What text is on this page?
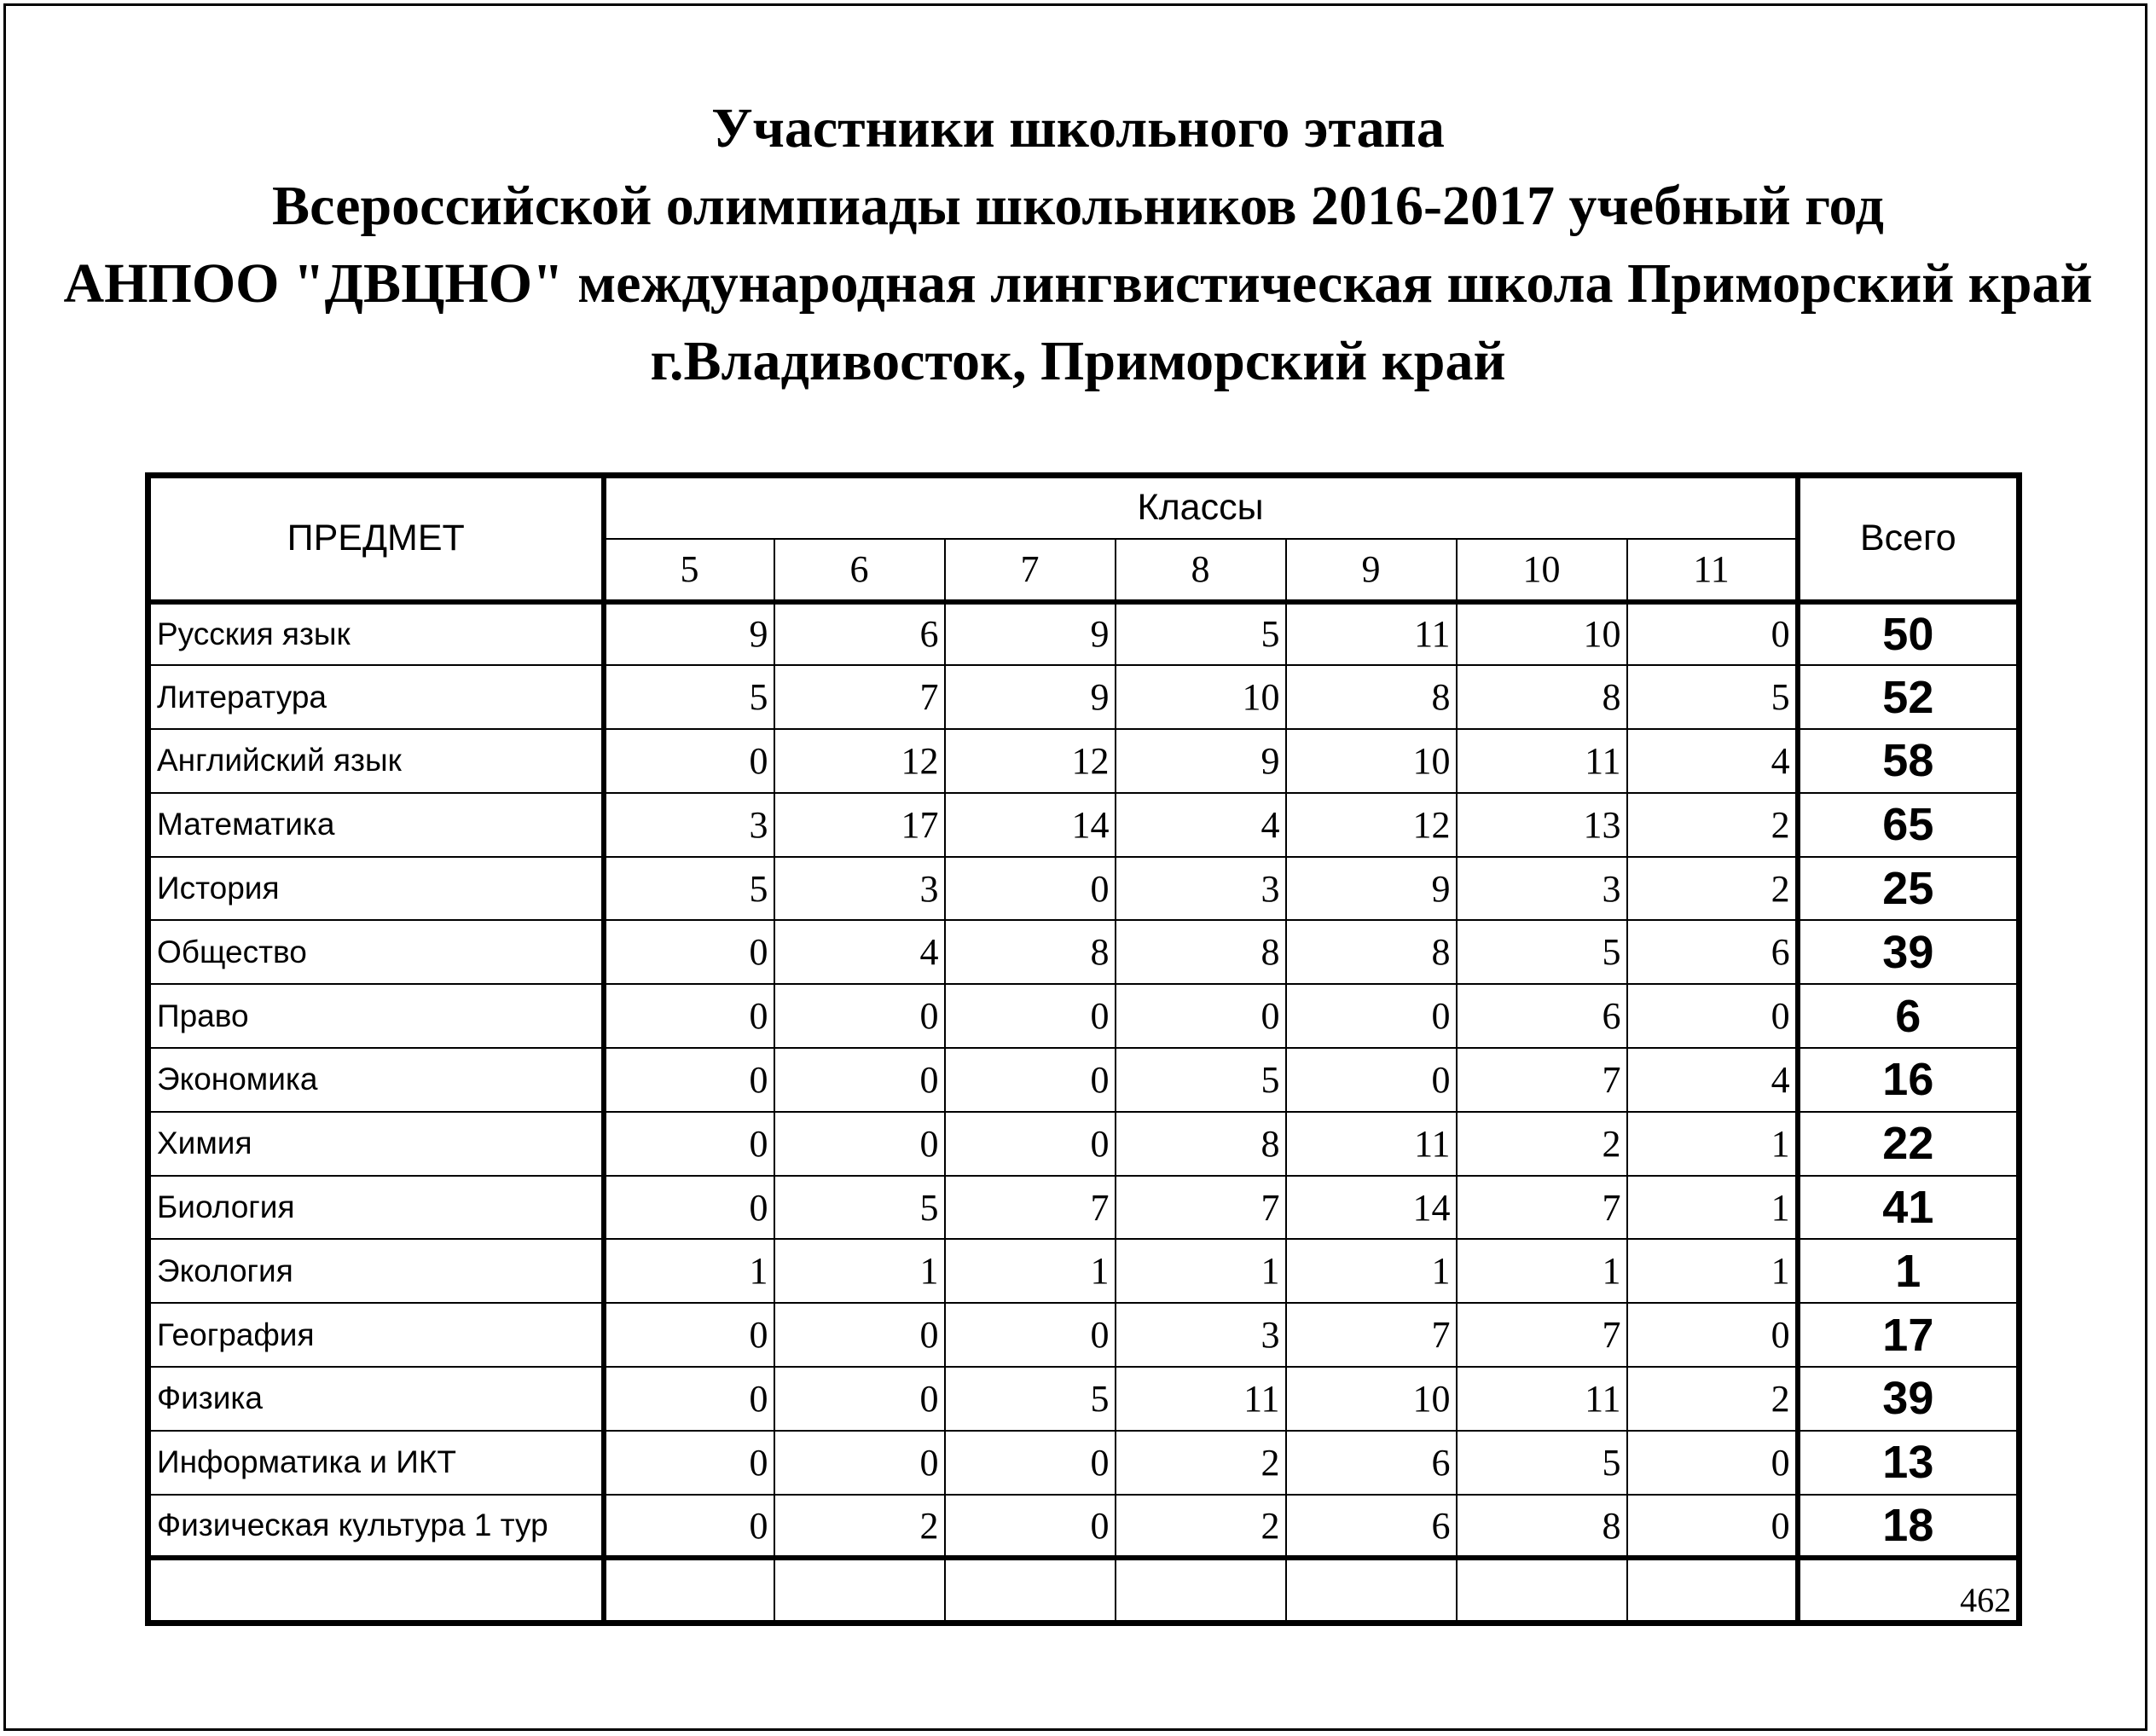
Участники школьного этапа
Всероссийской олимпиады школьников 2016-2017 учебный год
АНПОО "ДВЦНО" международная лингвистическая школа Приморский край
г.Владивосток, Приморский край
ПРЕДМЕТ	Классы							Всего
	5	6	7	8	9	10	11	
Русския язык	9	6	9	5	11	10	0	50
Литература	5	7	9	10	8	8	5	52
Английский язык	0	12	12	9	10	11	4	58
Математика	3	17	14	4	12	13	2	65
История	5	3	0	3	9	3	2	25
Общество	0	4	8	8	8	5	6	39
Право	0	0	0	0	0	6	0	6
Экономика	0	0	0	5	0	7	4	16
Химия	0	0	0	8	11	2	1	22
Биология	0	5	7	7	14	7	1	41
Экология	1	1	1	1	1	1	1	1
География	0	0	0	3	7	7	0	17
Физика	0	0	5	11	10	11	2	39
Информатика и ИКТ	0	0	0	2	6	5	0	13
Физическая культура 1 тур	0	2	0	2	6	8	0	18
								462
